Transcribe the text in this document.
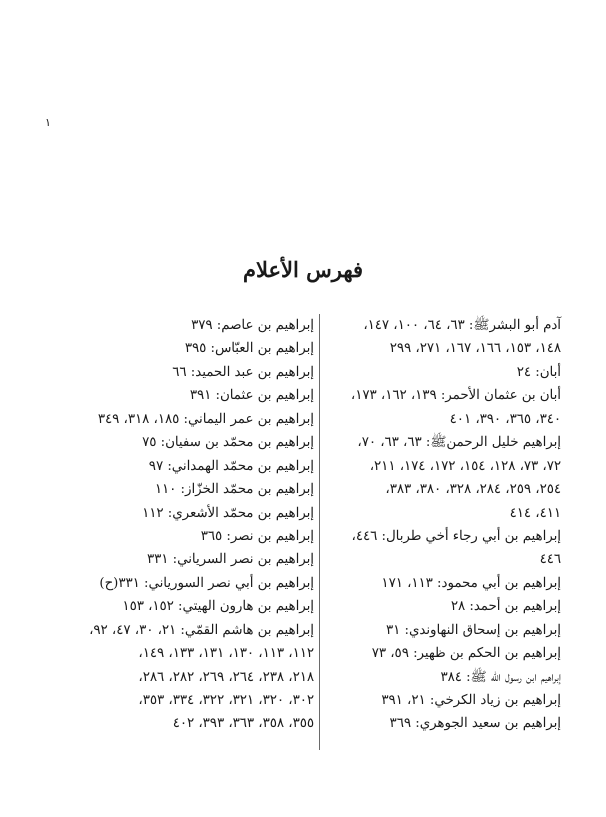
١
فهرس الأعلام
آدم أبو البشرﷺ: ٦٣، ٦٤، ١٠٠، ١٤٧،
١٤٨، ١٥٣، ١٦٦، ١٦٧، ٢٧١، ٢٩٩
أبان: ٢٤
أبان بن عثمان الأحمر: ١٣٩، ١٦٢، ١٧٣،
٣٤٠، ٣٦٥، ٣٩٠، ٤٠١
إبراهيم خليل الرحمنﷺ: ٦٣، ٦٣، ٧٠،
٧٢، ٧٣، ١٢٨، ١٥٤، ١٧٢، ١٧٤، ٢١١،
٢٥٤، ٢٥٩، ٢٨٤، ٣٢٨، ٣٨٠، ٣٨٣،
٤١١، ٤١٤
إبراهيم بن أبي رجاء أخي طربال: ٤٤٦،
٤٤٦
إبراهيم بن أبي محمود: ١١٣، ١٧١
إبراهيم بن أحمد: ٢٨
إبراهيم بن إسحاق النهاوندي: ٣١
إبراهيم بن الحكم بن ظهير: ٥٩، ٧٣
إبراهيم ابن رسول الله ﷺ: ٣٨٤
إبراهيم بن زياد الكرخي: ٢١، ٣٩١
إبراهيم بن سعيد الجوهري: ٣٦٩
إبراهيم بن عاصم: ٣٧٩
إبراهيم بن العبّاس: ٣٩٥
إبراهيم بن عبد الحميد: ٦٦
إبراهيم بن عثمان: ٣٩١
إبراهيم بن عمر اليماني: ١٨٥، ٣١٨، ٣٤٩
إبراهيم بن محمّد بن سفيان: ٧٥
إبراهيم بن محمّد الهمداني: ٩٧
إبراهيم بن محمّد الخزّاز: ١١٠
إبراهيم بن محمّد الأشعري: ١١٢
إبراهيم بن نصر: ٣٦٥
إبراهيم بن نصر السرياني: ٣٣١
إبراهيم بن أبي نصر السورياني: ٣٣١(ح)
إبراهيم بن هارون الهيتي: ١٥٢، ١٥٣
إبراهيم بن هاشم القمّي: ٢١، ٣٠، ٤٧، ٩٢،
١١٢، ١١٣، ١٣٠، ١٣١، ١٣٣، ١٤٩،
٢١٨، ٢٣٨، ٢٦٤، ٢٦٩، ٢٨٢، ٢٨٦،
٣٠٢، ٣٢٠، ٣٢١، ٣٢٢، ٣٣٤، ٣٥٣،
٣٥٥، ٣٥٨، ٣٦٣، ٣٩٣، ٤٠٢
